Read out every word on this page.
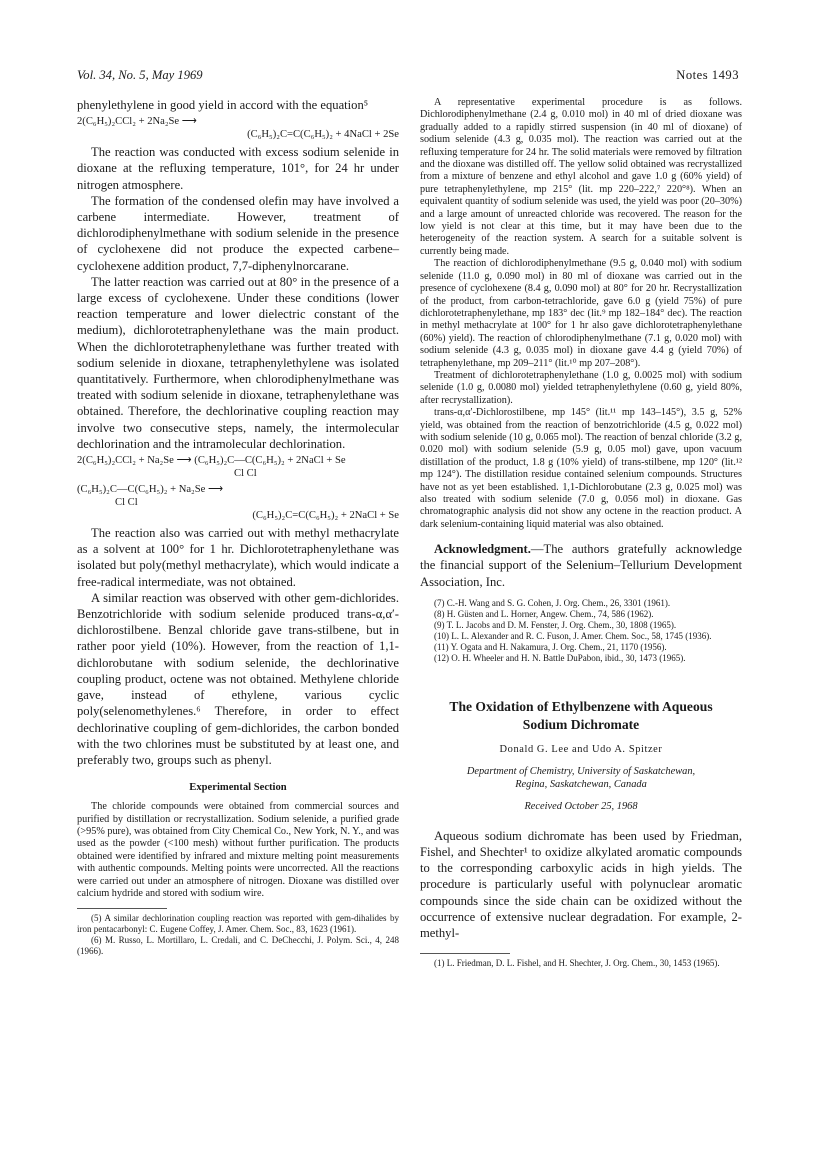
Vol. 34, No. 5, May 1969	Notes 1493

phenylethylene in good yield in accord with the equation⁵

2(C₆H₅)₂CCl₂ + 2Na₂Se ⟶
(C₆H₅)₂C=C(C₆H₅)₂ + 4NaCl + 2Se

The reaction was conducted with excess sodium selenide in dioxane at the refluxing temperature, 101°, for 24 hr under nitrogen atmosphere.

The formation of the condensed olefin may have involved a carbene intermediate. However, treatment of dichlorodiphenylmethane with sodium selenide in the presence of cyclohexene did not produce the expected carbene–cyclohexene addition product, 7,7-diphenylnorcarane.

The latter reaction was carried out at 80° in the presence of a large excess of cyclohexene. Under these conditions (lower reaction temperature and lower dielectric constant of the medium), dichlorotetraphenylethane was the main product. When the dichlorotetraphenylethane was further treated with sodium selenide in dioxane, tetraphenylethylene was isolated quantitatively. Furthermore, when chlorodiphenylmethane was treated with sodium selenide in dioxane, tetraphenylethane was obtained. Therefore, the dechlorinative coupling reaction may involve two consecutive steps, namely, the intermolecular dechlorination and the intramolecular dechlorination.

2(C₆H₅)₂CCl₂ + Na₂Se ⟶ (C₆H₅)₂C—C(C₆H₅)₂ + 2NaCl + Se
Cl Cl
(C₆H₅)₂C—C(C₆H₅)₂ + Na₂Se ⟶
Cl Cl
(C₆H₅)₂C=C(C₆H₅)₂ + 2NaCl + Se

The reaction also was carried out with methyl methacrylate as a solvent at 100° for 1 hr. Dichlorotetraphenylethane was isolated but poly(methyl methacrylate), which would indicate a free-radical intermediate, was not obtained.

A similar reaction was observed with other gem-dichlorides. Benzotrichloride with sodium selenide produced trans-α,α′-dichlorostilbene. Benzal chloride gave trans-stilbene, but in rather poor yield (10%). However, from the reaction of 1,1-dichlorobutane with sodium selenide, the dechlorinative coupling product, octene was not obtained. Methylene chloride gave, instead of ethylene, various cyclic poly(selenomethylenes.⁶ Therefore, in order to effect dechlorinative coupling of gem-dichlorides, the carbon bonded with the two chlorines must be substituted by at least one, and preferably two, groups such as phenyl.

Experimental Section

The chloride compounds were obtained from commercial sources and purified by distillation or recrystallization. Sodium selenide, a purified grade (>95% pure), was obtained from City Chemical Co., New York, N. Y., and was used as the powder (<100 mesh) without further purification. The products obtained were identified by infrared and mixture melting point measurements with authentic compounds. Melting points were uncorrected. All the reactions were carried out under an atmosphere of nitrogen. Dioxane was distilled over calcium hydride and stored with sodium wire.

(5) A similar dechlorination coupling reaction was reported with gem-dihalides by iron pentacarbonyl: C. Eugene Coffey, J. Amer. Chem. Soc., 83, 1623 (1961).

(6) M. Russo, L. Mortillaro, L. Credali, and C. DeChecchi, J. Polym. Sci., 4, 248 (1966).

A representative experimental procedure is as follows. Dichlorodiphenylmethane (2.4 g, 0.010 mol) in 40 ml of dried dioxane was gradually added to a rapidly stirred suspension (in 40 ml of dioxane) of sodium selenide (4.3 g, 0.035 mol). The reaction was carried out at the refluxing temperature for 24 hr. The solid materials were removed by filtration and the dioxane was distilled off. The yellow solid obtained was recrystallized from a mixture of benzene and ethyl alcohol and gave 1.0 g (60% yield) of pure tetraphenylethylene, mp 215° (lit. mp 220–222,⁷ 220°⁸). When an equivalent quantity of sodium selenide was used, the yield was poor (20–30%) and a large amount of unreacted chloride was recovered. The reason for the low yield is not clear at this time, but it may have been due to the heterogeneity of the reaction system. A search for a suitable solvent is currently being made.

The reaction of dichlorodiphenylmethane (9.5 g, 0.040 mol) with sodium selenide (11.0 g, 0.090 mol) in 80 ml of dioxane was carried out in the presence of cyclohexene (8.4 g, 0.090 mol) at 80° for 20 hr. Recrystallization of the product, from carbon-tetrachloride, gave 6.0 g (yield 75%) of pure dichlorotetraphenylethane, mp 183° dec (lit.⁹ mp 182–184° dec). The reaction in methyl methacrylate at 100° for 1 hr also gave dichlorotetraphenylethane (60%) yield). The reaction of chlorodiphenylmethane (7.1 g, 0.020 mol) with sodium selenide (4.3 g, 0.035 mol) in dioxane gave 4.4 g (yield 70%) of tetraphenylethane, mp 209–211° (lit.¹⁰ mp 207–208°).

Treatment of dichlorotetraphenylethane (1.0 g, 0.0025 mol) with sodium selenide (1.0 g, 0.0080 mol) yielded tetraphenylethylene (0.60 g, yield 80%, after recrystallization).

trans-α,α′-Dichlorostilbene, mp 145° (lit.¹¹ mp 143–145°), 3.5 g, 52% yield, was obtained from the reaction of benzotrichloride (4.5 g, 0.022 mol) with sodium selenide (10 g, 0.065 mol). The reaction of benzal chloride (3.2 g, 0.020 mol) with sodium selenide (5.9 g, 0.05 mol) gave, upon vacuum distillation of the product, 1.8 g (10% yield) of trans-stilbene, mp 120° (lit.¹² mp 124°). The distillation residue contained selenium compounds. Structures have not as yet been established. 1,1-Dichlorobutane (2.3 g, 0.025 mol) was also treated with sodium selenide (7.0 g, 0.056 mol) in dioxane. Gas chromatographic analysis did not show any octene in the reaction product. A dark selenium-containing liquid material was also obtained.

Acknowledgment.—The authors gratefully acknowledge the financial support of the Selenium–Tellurium Development Association, Inc.

(7) C.-H. Wang and S. G. Cohen, J. Org. Chem., 26, 3301 (1961).

(8) H. Güsten and L. Horner, Angew. Chem., 74, 586 (1962).

(9) T. L. Jacobs and D. M. Fenster, J. Org. Chem., 30, 1808 (1965).

(10) L. L. Alexander and R. C. Fuson, J. Amer. Chem. Soc., 58, 1745 (1936).

(11) Y. Ogata and H. Nakamura, J. Org. Chem., 21, 1170 (1956).

(12) O. H. Wheeler and H. N. Battle DuPabon, ibid., 30, 1473 (1965).

The Oxidation of Ethylbenzene with Aqueous
Sodium Dichromate
Donald G. Lee and Udo A. Spitzer
Department of Chemistry, University of Saskatchewan,
Regina, Saskatchewan, Canada
Received October 25, 1968

Aqueous sodium dichromate has been used by Friedman, Fishel, and Shechter¹ to oxidize alkylated aromatic compounds to the corresponding carboxylic acids in high yields. The procedure is particularly useful with polynuclear aromatic compounds since the side chain can be oxidized without the occurrence of extensive nuclear degradation. For example, 2-methyl-

(1) L. Friedman, D. L. Fishel, and H. Shechter, J. Org. Chem., 30, 1453 (1965).
